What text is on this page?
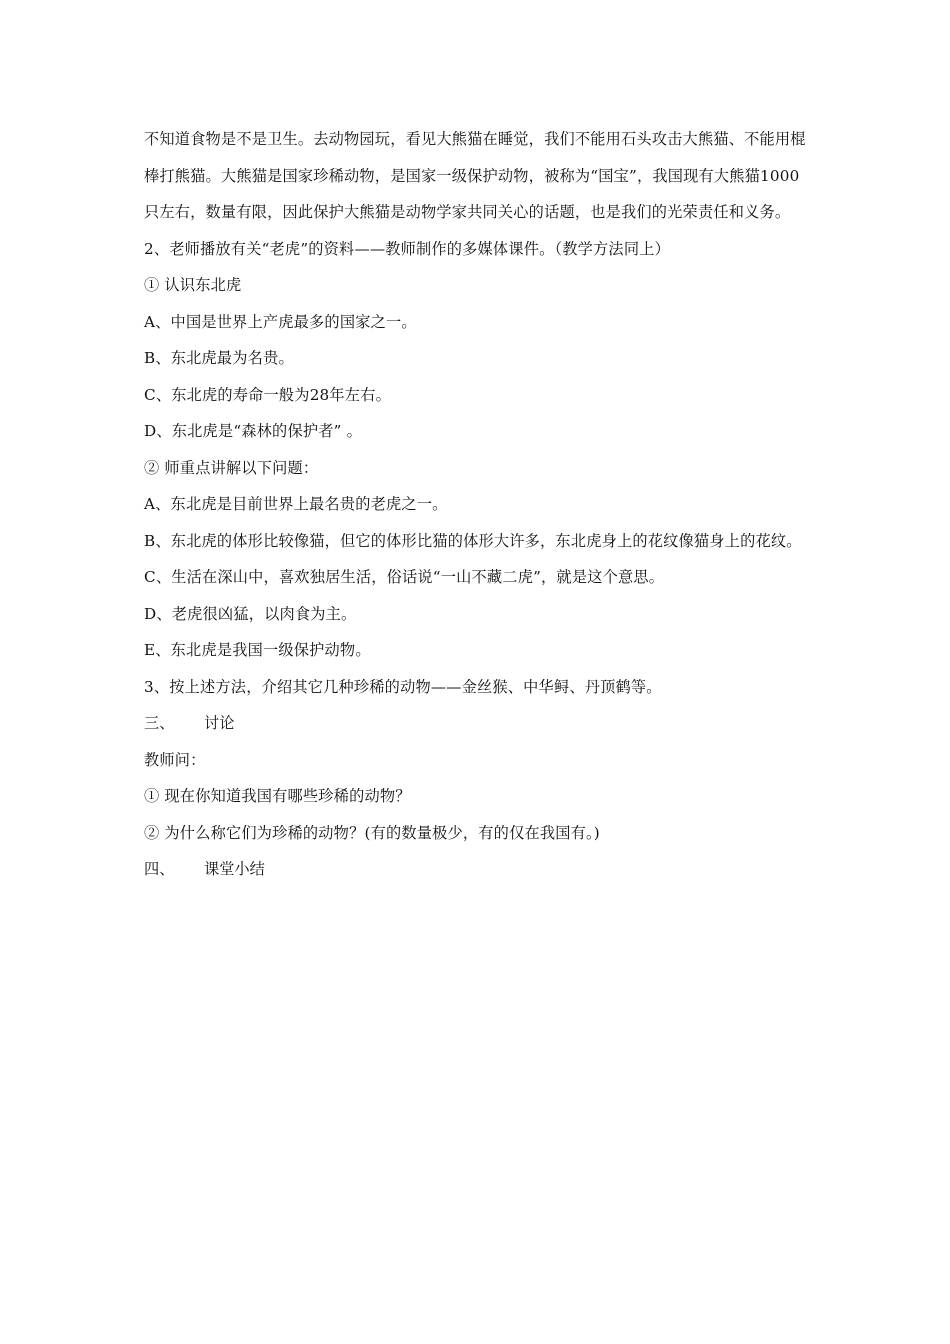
不知道食物是不是卫生。去动物园玩，看见大熊猫在睡觉，我们不能用石头攻击大熊猫、不能用棍棒打熊猫。大熊猫是国家珍稀动物，是国家一级保护动物，被称为“国宝”，我国现有大熊猫1000只左右，数量有限，因此保护大熊猫是动物学家共同关心的话题，也是我们的光荣责任和义务。

2、老师播放有关“老虎”的资料——教师制作的多媒体课件。（教学方法同上）

① 认识东北虎

A、中国是世界上产虎最多的国家之一。

B、东北虎最为名贵。

C、东北虎的寿命一般为28年左右。

D、东北虎是“森林的保护者” 。

② 师重点讲解以下问题：

A、东北虎是目前世界上最名贵的老虎之一。

B、东北虎的体形比较像猫，但它的体形比猫的体形大许多，东北虎身上的花纹像猫身上的花纹。

C、生活在深山中，喜欢独居生活，俗话说“一山不藏二虎”，就是这个意思。

D、老虎很凶猛，以肉食为主。

E、东北虎是我国一级保护动物。

3、按上述方法，介绍其它几种珍稀的动物——金丝猴、中华鲟、丹顶鹤等。

三、 讨论

教师问：

① 现在你知道我国有哪些珍稀的动物？

② 为什么称它们为珍稀的动物？(有的数量极少，有的仅在我国有。)

四、 课堂小结
